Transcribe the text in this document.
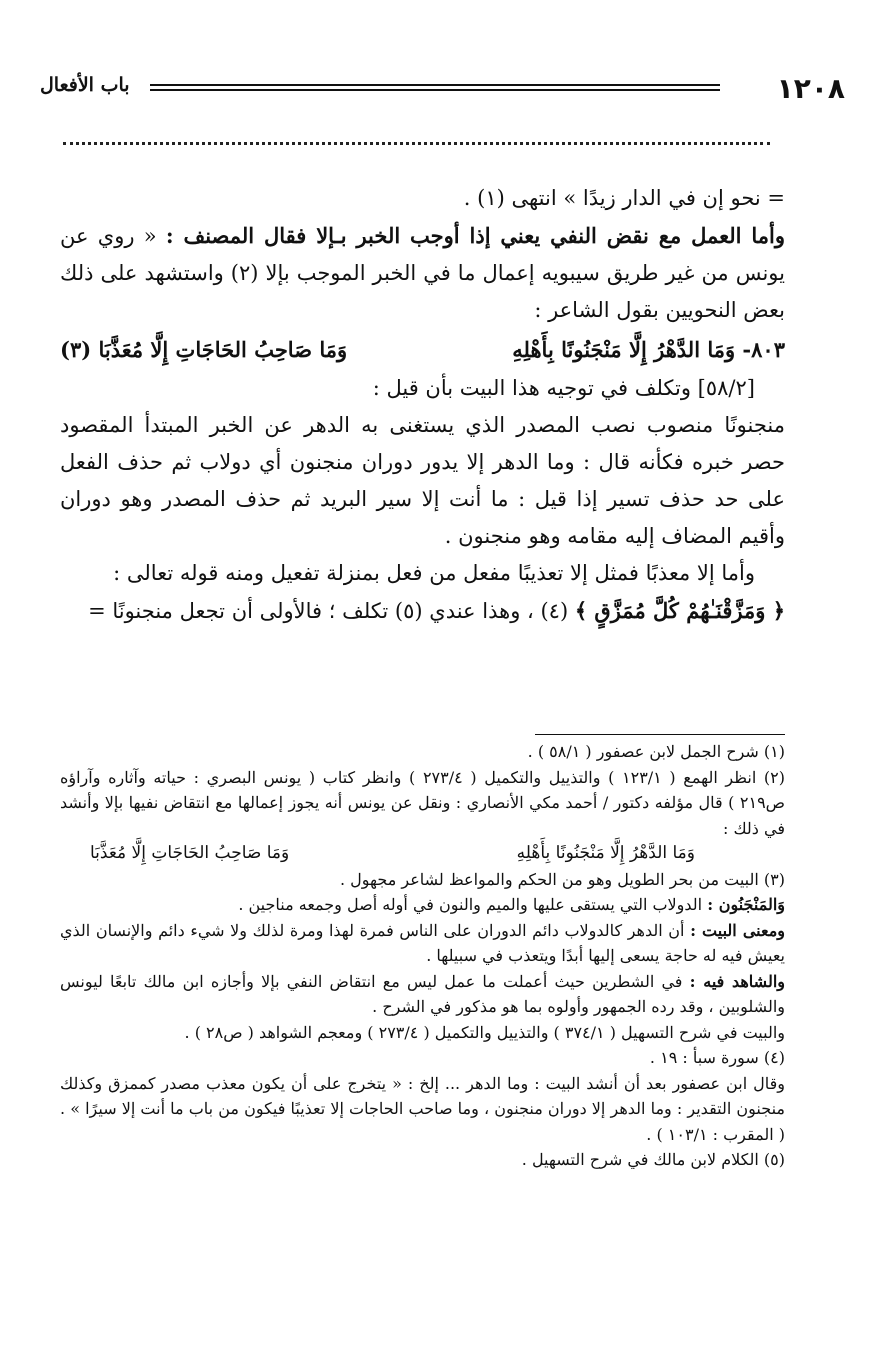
١٢٠٨
باب الأفعال

= نحو إن في الدار زيدًا » انتهى (١) .

وأما العمل مع نقض النفي يعني إذا أوجب الخبر بـإلا فقال المصنف : « روي عن يونس من غير طريق سيبويه إعمال ما في الخبر الموجب بإلا (٢) واستشهد على ذلك بعض النحويين بقول الشاعر :

٨٠٣- وَمَا الدَّهْرُ إِلَّا مَنْجَنُونًا بِأَهْلِهِ
وَمَا صَاحِبُ الحَاجَاتِ إِلَّا مُعَذَّبَا (٣)

[٥٨/٢] وتكلف في توجيه هذا البيت بأن قيل :

منجنونًا منصوب نصب المصدر الذي يستغنى به الدهر عن الخبر المبتدأ المقصود حصر خبره فكأنه قال : وما الدهر إلا يدور دوران منجنون أي دولاب ثم حذف الفعل على حد حذف تسير إذا قيل : ما أنت إلا سير البريد ثم حذف المصدر وهو دوران وأقيم المضاف إليه مقامه وهو منجنون .

وأما إلا معذبًا فمثل إلا تعذيبًا مفعل من فعل بمنزلة تفعيل ومنه قوله تعالى :

﴿ وَمَزَّقْنَـٰهُمْ كُلَّ مُمَزَّقٍ ﴾ (٤) ، وهذا عندي (٥) تكلف ؛ فالأولى أن تجعل منجنونًا =

(١) شرح الجمل لابن عصفور ( ٥٨/١ ) .

(٢) انظر الهمع ( ١٢٣/١ ) والتذييل والتكميل ( ٢٧٣/٤ ) وانظر كتاب ( يونس البصري : حياته وآثاره وآراؤه ص٢١٩ ) قال مؤلفه دكتور / أحمد مكي الأنصاري : ونقل عن يونس أنه يجوز إعمالها مع انتقاض نفيها بإلا وأنشد في ذلك :

وَمَا الدَّهْرُ إِلَّا مَنْجَنُونًا بِأَهْلِهِ
وَمَا صَاحِبُ الحَاجَاتِ إِلَّا مُعَذَّبَا

(٣) البيت من بحر الطويل وهو من الحكم والمواعظ لشاعر مجهول .

وَالمَنْجَنُون : الدولاب التي يستقى عليها والميم والنون في أوله أصل وجمعه مناجين .

ومعنى البيت : أن الدهر كالدولاب دائم الدوران على الناس فمرة لهذا ومرة لذلك ولا شيء دائم والإنسان الذي يعيش فيه له حاجة يسعى إليها أبدًا ويتعذب في سبيلها .

والشاهد فيه : في الشطرين حيث أعملت ما عمل ليس مع انتقاض النفي بإلا وأجازه ابن مالك تابعًا ليونس والشلوبين ، وقد رده الجمهور وأولوه بما هو مذكور في الشرح .

والبيت في شرح التسهيل ( ٣٧٤/١ ) والتذييل والتكميل ( ٢٧٣/٤ ) ومعجم الشواهد ( ص٢٨ ) .

(٤) سورة سبأ : ١٩ .

وقال ابن عصفور بعد أن أنشد البيت : وما الدهر ... إلخ : « يتخرج على أن يكون معذب مصدر كممزق وكذلك منجنون التقدير : وما الدهر إلا دوران منجنون ، وما صاحب الحاجات إلا تعذيبًا فيكون من باب ما أنت إلا سيرًا » . ( المقرب : ١٠٣/١ ) .

(٥) الكلام لابن مالك في شرح التسهيل .
